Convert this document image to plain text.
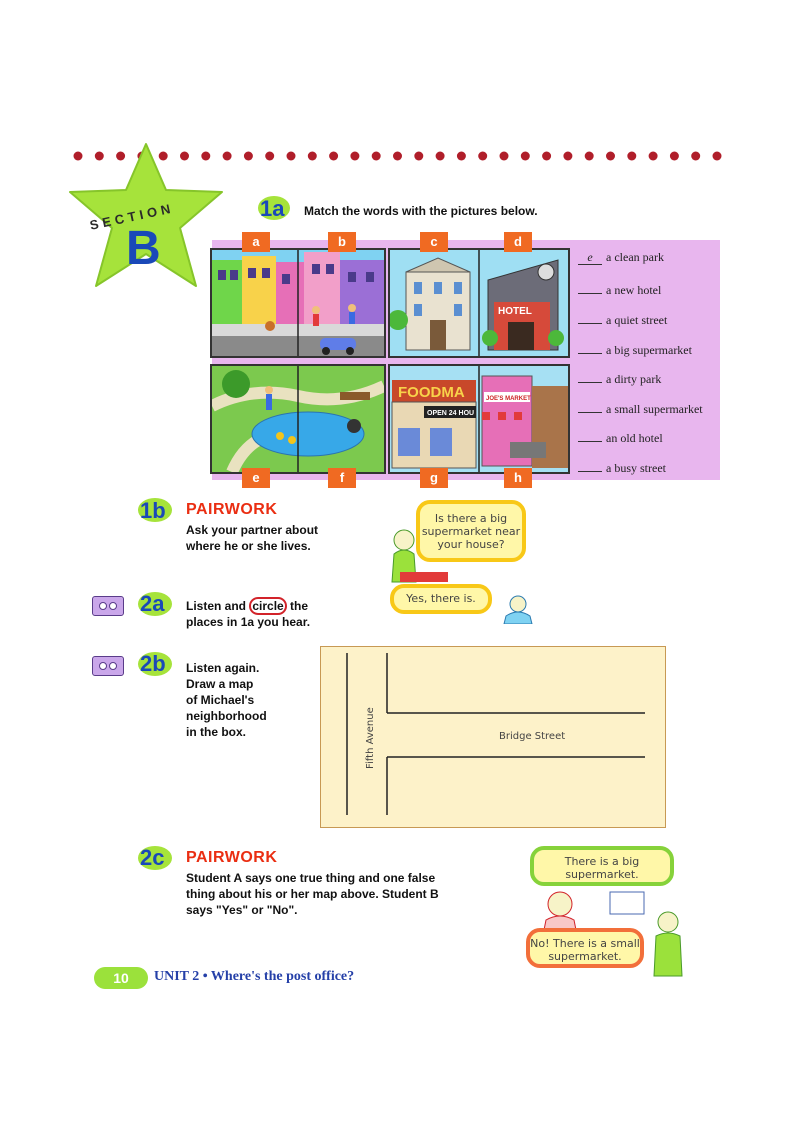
SECTION
B
1a Match the words with the pictures below.
HOTEL
FOODMA
OPEN 24 HOU
JOE'S MARKET
a	b	c	d
e	f	g	h
e a clean park
a new hotel
a quiet street
a big supermarket
a dirty park
a small supermarket
an old hotel
a busy street
1b PAIRWORK
Ask your partner about
where he or she lives.
Is there a big
supermarket near
your house?
Yes, there is.
2a Listen and circle the
places in 1a you hear.
2b Listen again.
Draw a map
of Michael's
neighborhood
in the box.	Fifth Avenue	Bridge Street
2c PAIRWORK
Student A says one true thing and one false
thing about his or her map above. Student B
says "Yes" or "No".
There is a big
supermarket.
No! There is a small
supermarket.
10	UNIT 2 • Where's the post office?
